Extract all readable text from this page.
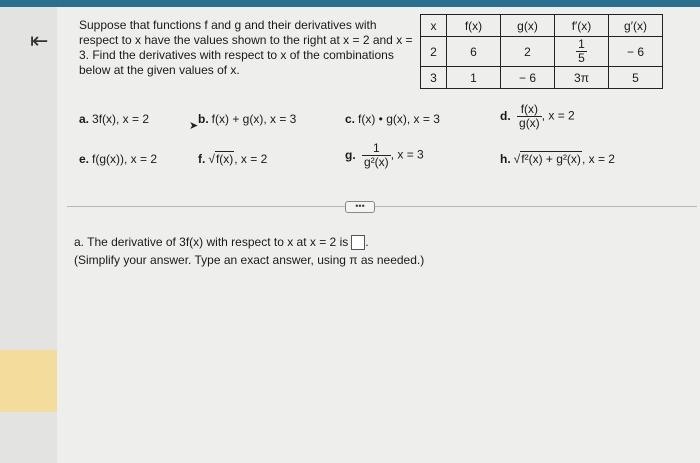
⇤
Suppose that functions f and g and their derivatives with respect to x have the values shown to the right at x = 2 and x = 3. Find the derivatives with respect to x of the combinations below at the given values of x.
x	f(x)	g(x)	f′(x)	g′(x)
2	6	2	$\frac{1}{5}$	− 6
3	1	− 6	3π	5
a. 3f(x), x = 2	b. f(x) + g(x), x = 3	c. f(x) • g(x), x = 3	d. $\frac{f(x)}{g(x)}$ , x = 2
e. f(g(x)), x = 2	f. √f(x), x = 2	g. $\frac{1}{\text{g²(x)}}$ , x = 3	h. √f²(x) + g²(x), x = 2
➤
•••
a. The derivative of 3f(x) with respect to x at x = 2 is .
(Simplify your answer. Type an exact answer, using π as needed.)
